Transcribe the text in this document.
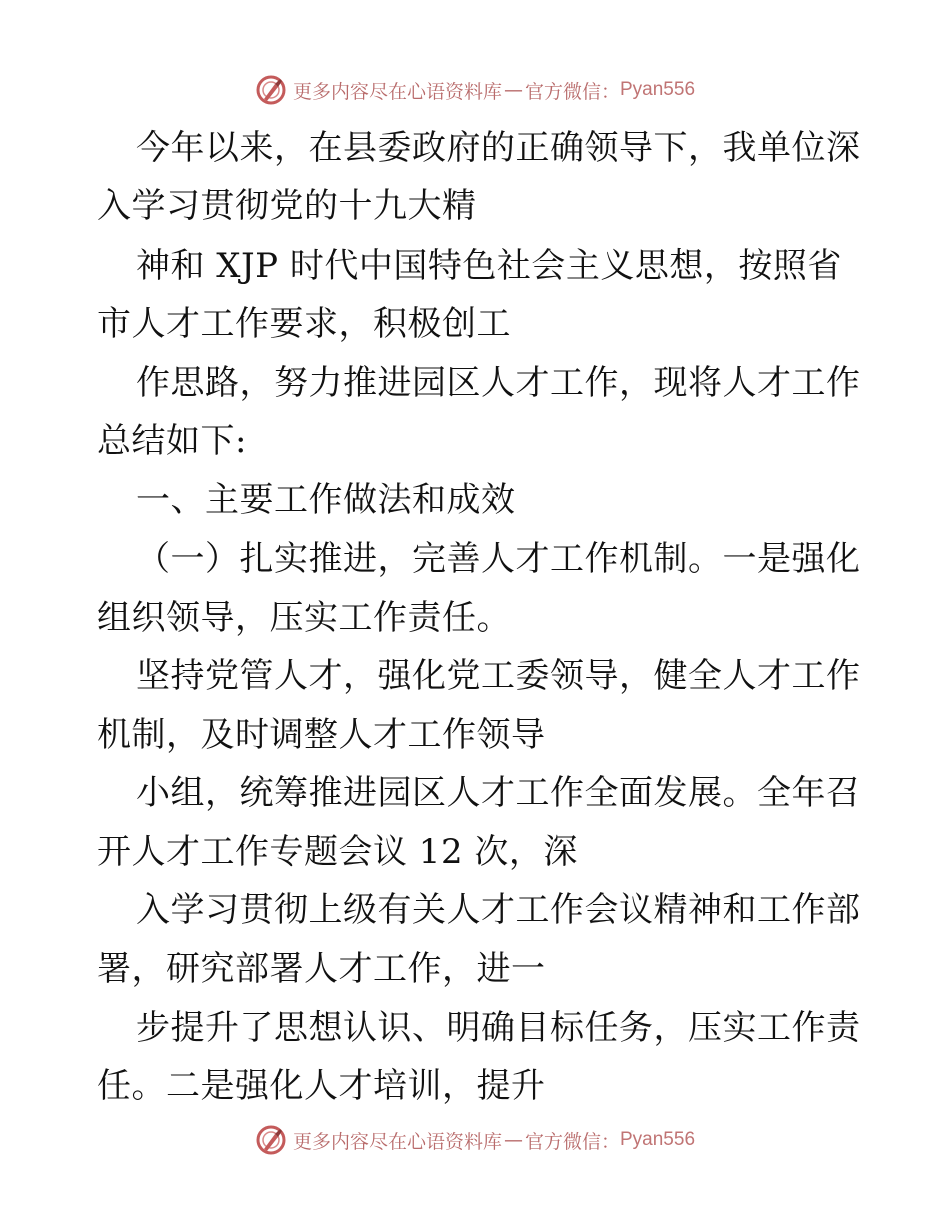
更多内容尽在心语资料库 — 官方微信： Pyan556
今年以来，在县委政府的正确领导下，我单位深
入学习贯彻党的十九大精
神和 XJP 时代中国特色社会主义思想，按照省
市人才工作要求，积极创工
作思路，努力推进园区人才工作，现将人才工作
总结如下:
一、主要工作做法和成效
（一）扎实推进，完善人才工作机制。一是强化
组织领导，压实工作责任。
坚持党管人才，强化党工委领导，健全人才工作
机制，及时调整人才工作领导
小组，统筹推进园区人才工作全面发展。全年召
开人才工作专题会议 12 次，深
入学习贯彻上级有关人才工作会议精神和工作部
署，研究部署人才工作，进一
步提升了思想认识、明确目标任务，压实工作责
任。二是强化人才培训，提升
更多内容尽在心语资料库 — 官方微信： Pyan556
